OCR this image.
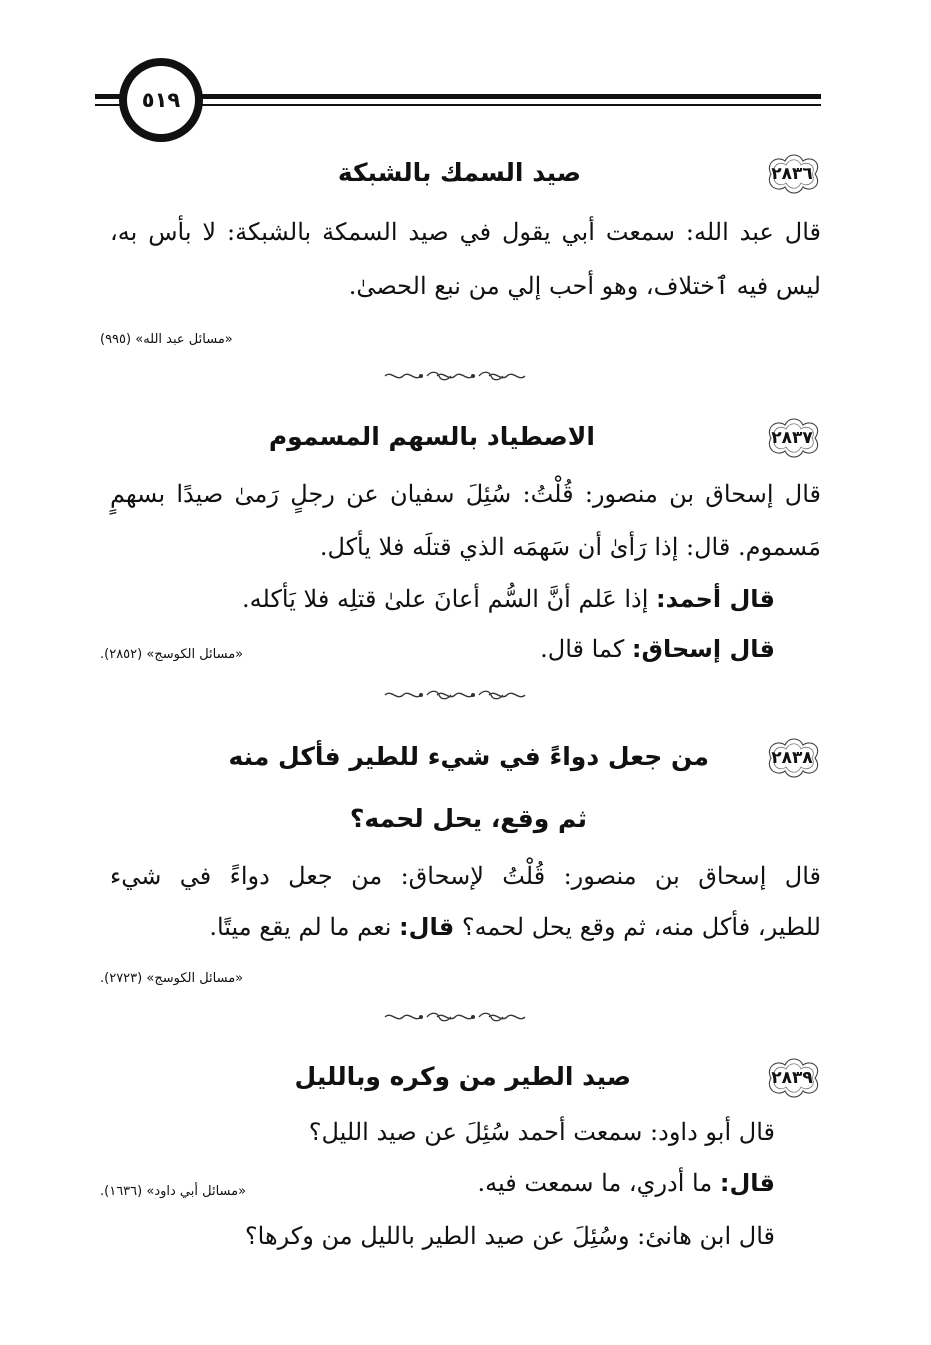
٥١٩
٢٨٣٦
صيد السمك بالشبكة
قال عبد الله: سمعت أبي يقول في صيد السمكة بالشبكة: لا بأس به،
ليس فيه ٱختلاف، وهو أحب إلي من نبع الحصىٰ.
«مسائل عبد الله» (٩٩٥)
٢٨٣٧
الاصطياد بالسهم المسموم
قال إسحاق بن منصور: قُلْتُ: سُئِلَ سفيان عن رجلٍ رَمىٰ صيدًا بسهمٍ
مَسموم. قال: إذا رَأىٰ أن سَهمَه الذي قتلَه فلا يأكل.
قال أحمد: إذا عَلم أنَّ السُّم أعانَ علىٰ قتلِه فلا يَأكله.
قال إسحاق: كما قال.
«مسائل الكوسج» (٢٨٥٢).
٢٨٣٨
من جعل دواءً في شيء للطير فأكل منه
ثم وقع، يحل لحمه؟
قال إسحاق بن منصور: قُلْتُ لإسحاق: من جعل دواءً في شيء
للطير، فأكل منه، ثم وقع يحل لحمه؟ قال: نعم ما لم يقع ميتًا.
«مسائل الكوسج» (٢٧٢٣).
٢٨٣٩
صيد الطير من وكره وبالليل
قال أبو داود: سمعت أحمد سُئِلَ عن صيد الليل؟
قال: ما أدري، ما سمعت فيه.
«مسائل أبي داود» (١٦٣٦).
قال ابن هانئ: وسُئِلَ عن صيد الطير بالليل من وكرها؟
